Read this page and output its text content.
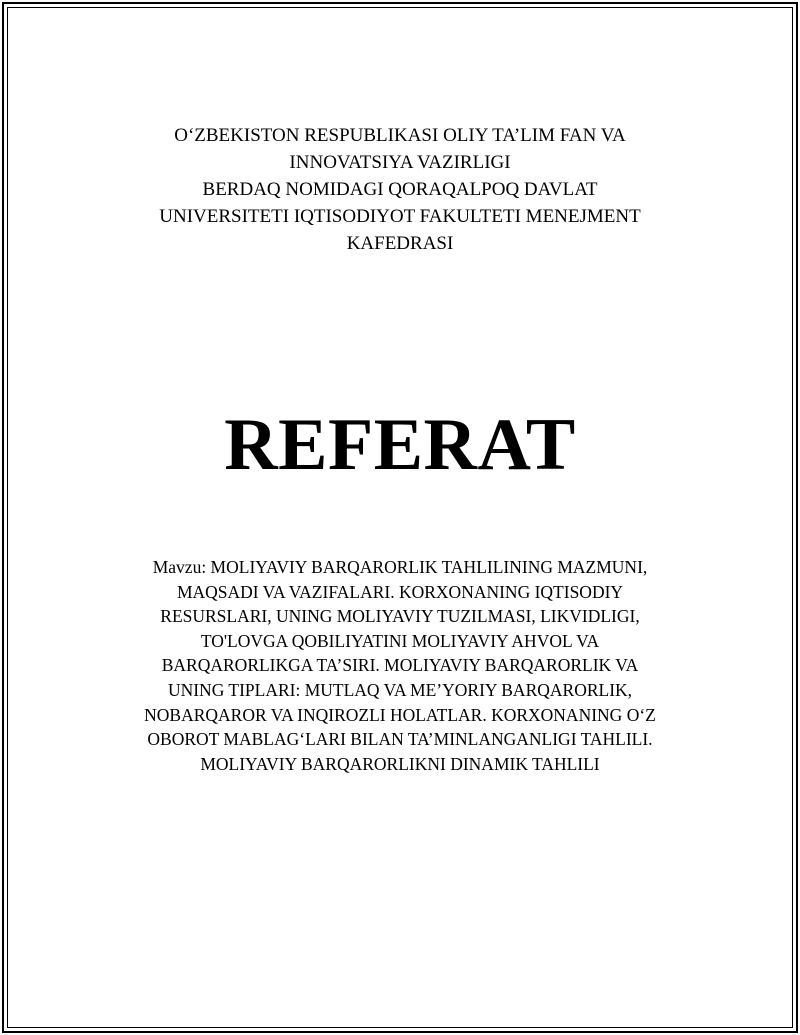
O‘ZBEKISTON RESPUBLIKASI OLIY TA’LIM FAN VA
INNOVATSIYA VAZIRLIGI
BERDAQ NOMIDAGI QORAQALPOQ DAVLAT
UNIVERSITETI IQTISODIYOT FAKULTETI MENEJMENT
KAFEDRASI
REFERAT
Mavzu: MOLIYAVIY BARQARORLIK TAHLILINING MAZMUNI,
MAQSADI VA VAZIFALARI. KORXONANING IQTISODIY
RESURSLARI, UNING MOLIYAVIY TUZILMASI, LIKVIDLIGI,
TO'LOVGA QOBILIYATINI MOLIYAVIY AHVOL VA
BARQARORLIKGA TA’SIRI. MOLIYAVIY BARQARORLIK VA
UNING TIPLARI: MUTLAQ VA ME’YORIY BARQARORLIK,
NOBARQAROR VA INQIROZLI HOLATLAR. KORXONANING O‘Z
OBOROT MABLAG‘LARI BILAN TA’MINLANGANLIGI TAHLILI.
MOLIYAVIY BARQARORLIKNI DINAMIK TAHLILI
